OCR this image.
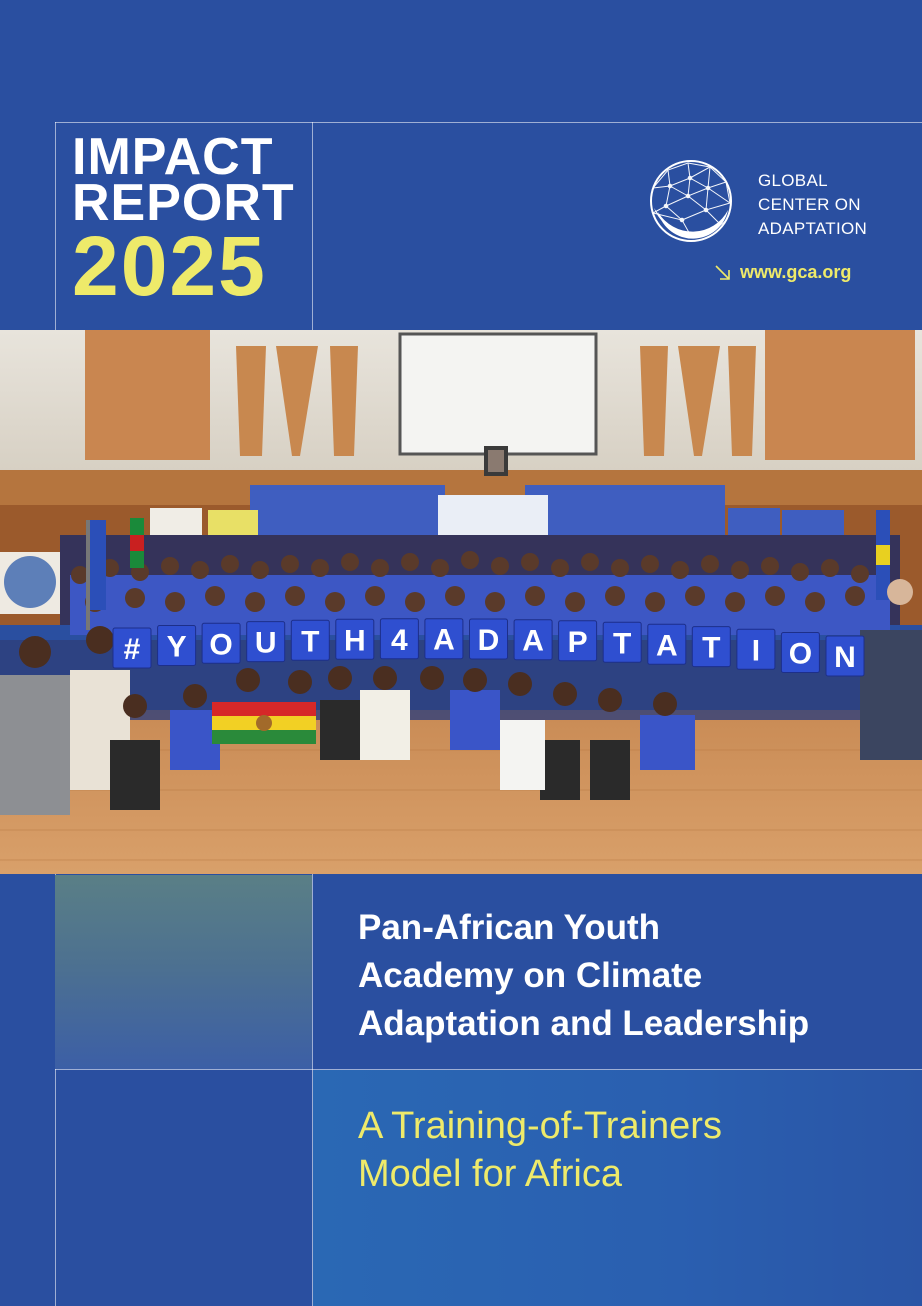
IMPACT
REPORT
2025
GLOBAL
CENTER ON
ADAPTATION
www.gca.org
# Y O U T H 4 A D A P T A T I O N
Pan-African Youth
Academy on Climate
Adaptation and Leadership
A Training-of-Trainers
Model for Africa
